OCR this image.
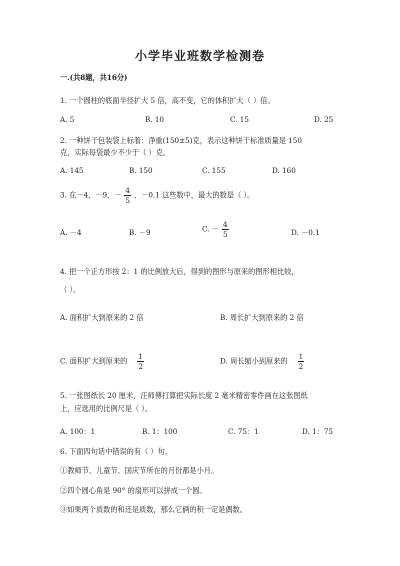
小学毕业班数学检测卷
一.(共8题，共16分)
1. 一个圆柱的底面半径扩大 5 倍，高不变，它的体积扩大（ ）倍。
A. 5	B. 10	C. 15	D. 25
2. 一种饼干包装袋上标着：净重(150±5)克，表示这种饼干标准质量是 150
克，实际每袋最少不少于（ ）克。
A. 145	B. 150	C. 155	D. 160
3. 在－4，－9，－ $\frac{4}{5}$ ，－0.1 这些数中，最大的数是（ ）。
A. －4	B. －9	C. － $\frac{4}{5}$	D. －0.1
4. 把一个正方形按 2：1 的比例放大后，得到的图形与原来的图形相比较，
（ ）。
A. 面积扩大到原来的 2 倍	B. 周长扩大到原来的 2 倍
C. 面积扩大到原来的 $\frac{1}{2}$	D. 周长缩小到原来的 $\frac{1}{2}$
5. 一张图纸长 20 厘米，汪师傅打算把实际长度 2 毫米精密零件画在这张图纸
上，应选用的比例尺是（ ）。
A. 100：1	B. 1：100	C. 75：1	D. 1：75
6. 下面四句话中错误的有（ ）句。
①教师节、儿童节、国庆节所在的月份都是小月。
②四个圆心角是 90° 的扇形可以拼成一个圆。
③如果两个质数的和还是质数，那么它俩的积一定是偶数。
